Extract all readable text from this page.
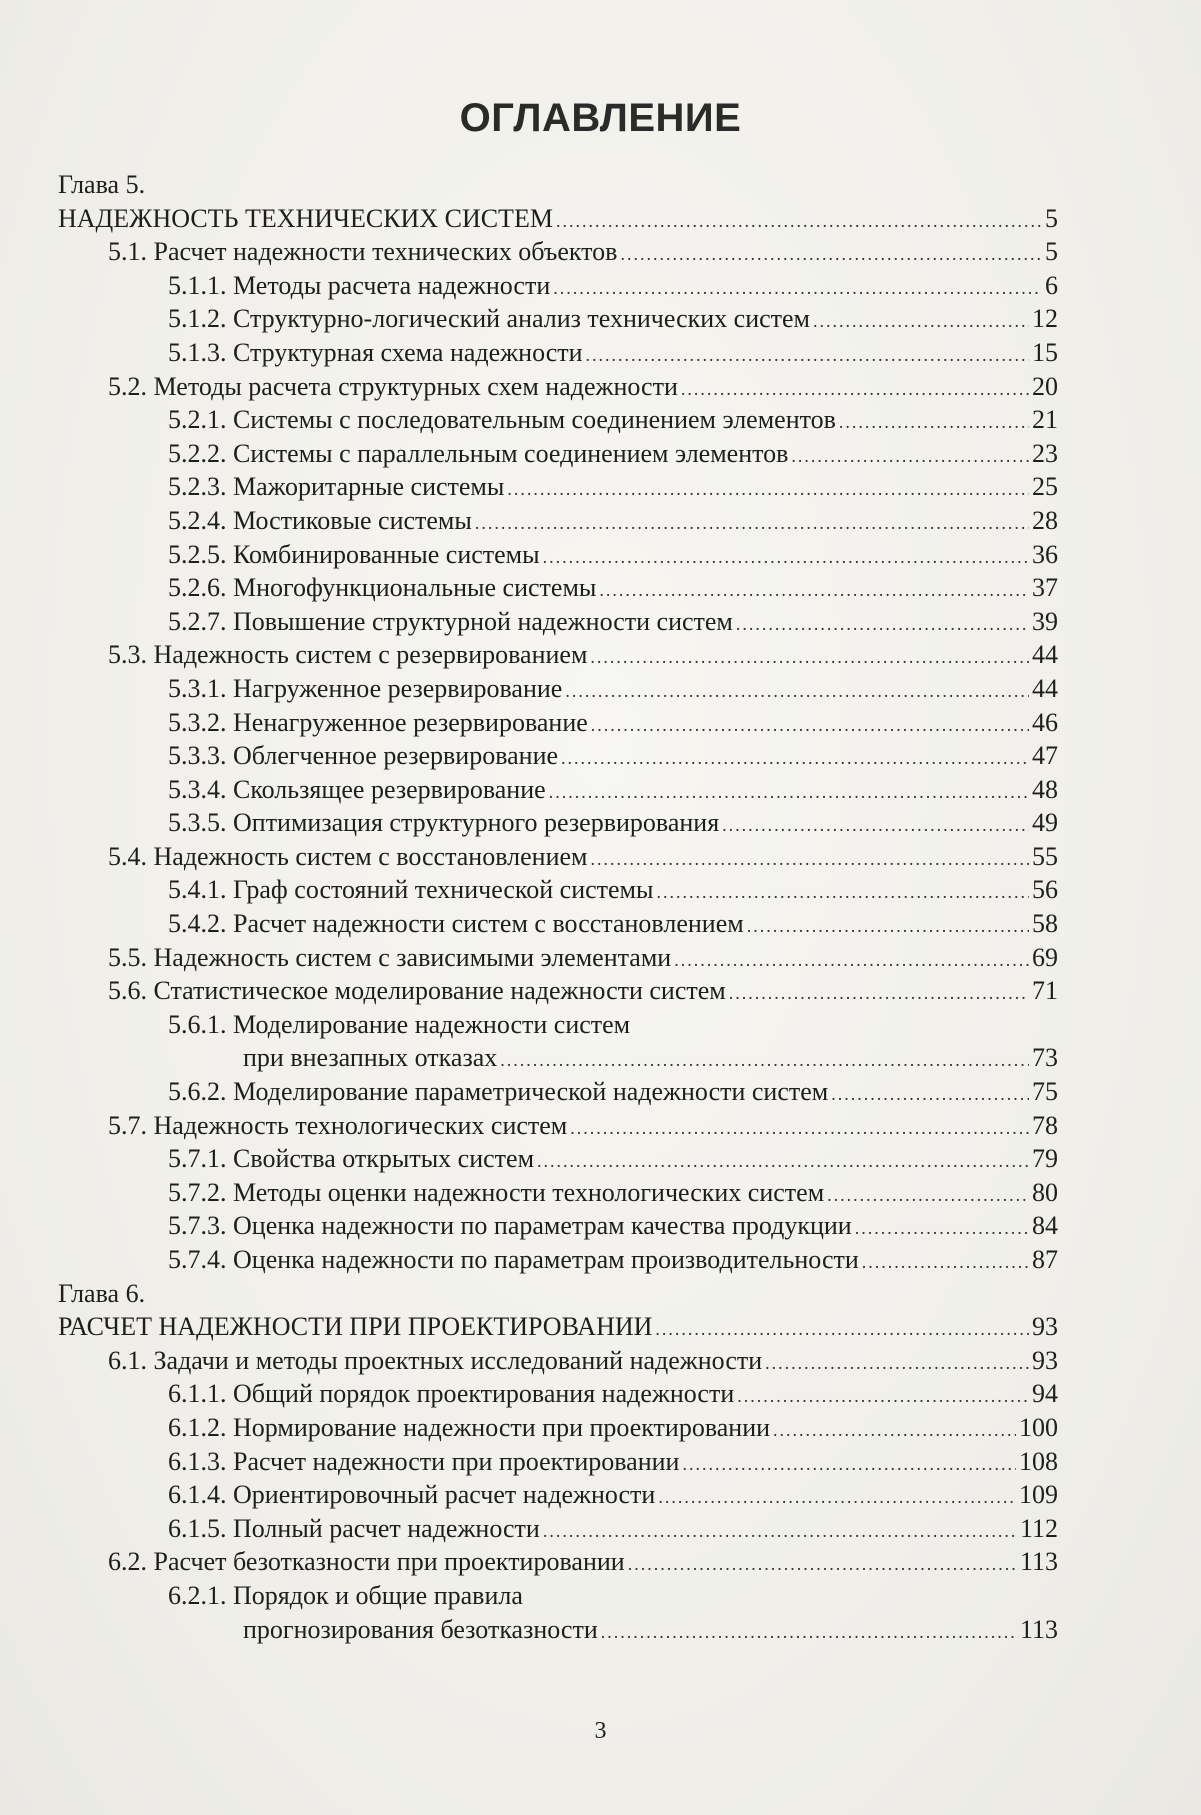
ОГЛАВЛЕНИЕ
Глава 5.
НАДЕЖНОСТЬ ТЕХНИЧЕСКИХ СИСТЕМ .....	5
5.1. Расчет надежности технических объектов .....	5
5.1.1. Методы расчета надежности .....	6
5.1.2. Структурно-логический анализ технических систем .....	12
5.1.3. Структурная схема надежности .....	15
5.2. Методы расчета структурных схем надежности .....	20
5.2.1. Системы с последовательным соединением элементов .....	21
5.2.2. Системы с параллельным соединением элементов .....	23
5.2.3. Мажоритарные системы .....	25
5.2.4. Мостиковые системы .....	28
5.2.5. Комбинированные системы .....	36
5.2.6. Многофункциональные системы .....	37
5.2.7. Повышение структурной надежности систем .....	39
5.3. Надежность систем с резервированием .....	44
5.3.1. Нагруженное резервирование .....	44
5.3.2. Ненагруженное резервирование .....	46
5.3.3. Облегченное резервирование .....	47
5.3.4. Скользящее резервирование .....	48
5.3.5. Оптимизация структурного резервирования .....	49
5.4. Надежность систем с восстановлением .....	55
5.4.1. Граф состояний технической системы .....	56
5.4.2. Расчет надежности систем с восстановлением .....	58
5.5. Надежность систем с зависимыми элементами .....	69
5.6. Статистическое моделирование надежности систем .....	71
5.6.1. Моделирование надежности систем
при внезапных отказах .....	73
5.6.2. Моделирование параметрической надежности систем .....	75
5.7. Надежность технологических систем .....	78
5.7.1. Свойства открытых систем .....	79
5.7.2. Методы оценки надежности технологических систем .....	80
5.7.3. Оценка надежности по параметрам качества продукции .....	84
5.7.4. Оценка надежности по параметрам производительности .....	87
Глава 6.
РАСЧЕТ НАДЕЖНОСТИ ПРИ ПРОЕКТИРОВАНИИ .....	93
6.1. Задачи и методы проектных исследований надежности .....	93
6.1.1. Общий порядок проектирования надежности .....	94
6.1.2. Нормирование надежности при проектировании .....	100
6.1.3. Расчет надежности при проектировании .....	108
6.1.4. Ориентировочный расчет надежности .....	109
6.1.5. Полный расчет надежности .....	112
6.2. Расчет безотказности при проектировании .....	113
6.2.1. Порядок и общие правила
прогнозирования безотказности .....	113
3
